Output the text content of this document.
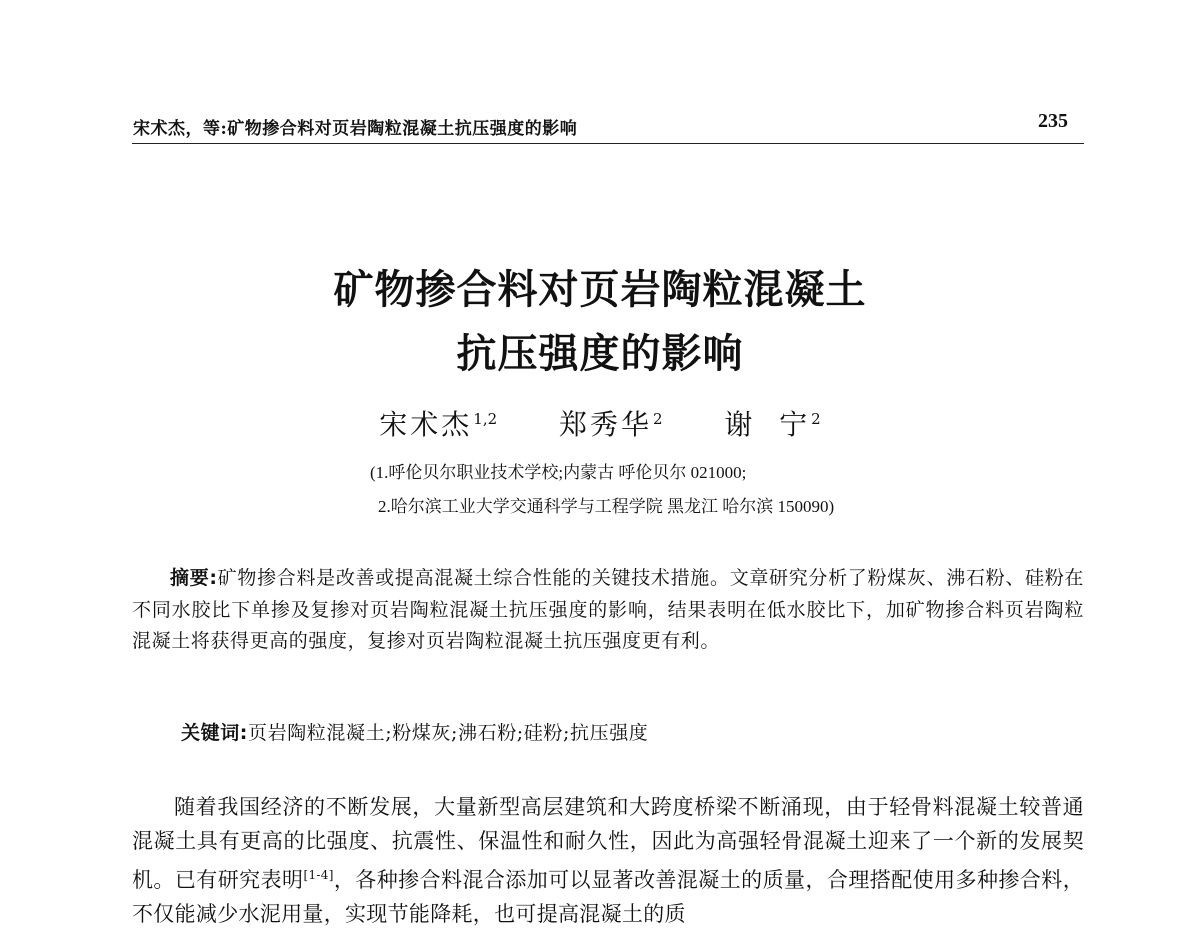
宋术杰，等:矿物掺合料对页岩陶粒混凝土抗压强度的影响	235
矿物掺合料对页岩陶粒混凝土
抗压强度的影响
宋术杰$^{1,2}$ 郑秀华$^2$ 谢  宁$^2$
(1.呼伦贝尔职业技术学校;内蒙古 呼伦贝尔 021000;
2.哈尔滨工业大学交通科学与工程学院 黑龙江 哈尔滨 150090)
摘要:矿物掺合料是改善或提高混凝土综合性能的关键技术措施。文章研究分析了粉煤灰、沸石粉、硅粉在不同水胶比下单掺及复掺对页岩陶粒混凝土抗压强度的影响，结果表明在低水胶比下，加矿物掺合料页岩陶粒混凝土将获得更高的强度，复掺对页岩陶粒混凝土抗压强度更有利。
关键词:页岩陶粒混凝土;粉煤灰;沸石粉;硅粉;抗压强度
随着我国经济的不断发展，大量新型高层建筑和大跨度桥梁不断涌现，由于轻骨料混凝土较普通混凝土具有更高的比强度、抗震性、保温性和耐久性，因此为高强轻骨混凝土迎来了一个新的发展契机。已有研究表明[1-4]，各种掺合料混合添加可以显著改善混凝土的质量，合理搭配使用多种掺合料，不仅能减少水泥用量，实现节能降耗，也可提高混凝土的质
